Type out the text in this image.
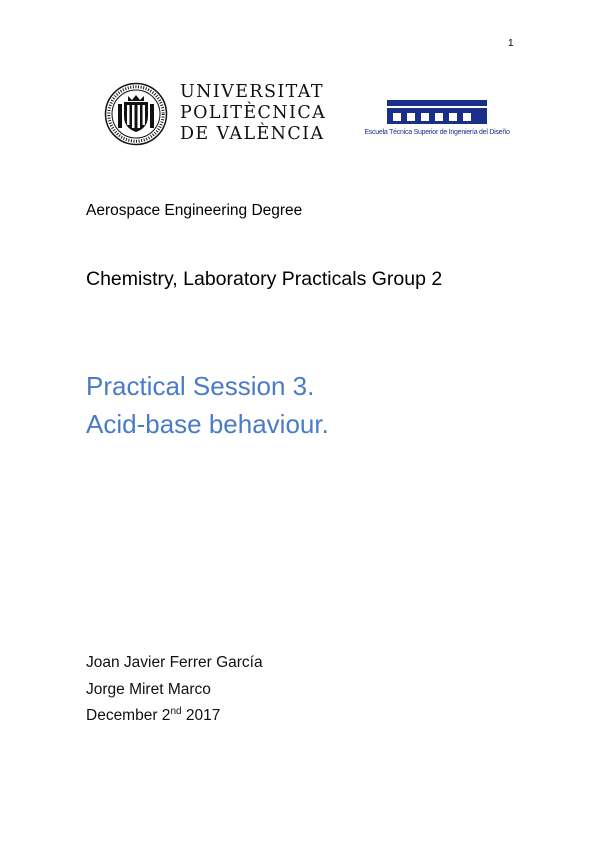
1
UNIVERSITAT
POLITÈCNICA
DE VALÈNCIA	Escuela Técnica Superior de Ingeniería del Diseño
Aerospace Engineering Degree
Chemistry, Laboratory Practicals Group 2
Practical Session 3.
Acid-base behaviour.
Joan Javier Ferrer García
Jorge Miret Marco
December 2nd 2017
